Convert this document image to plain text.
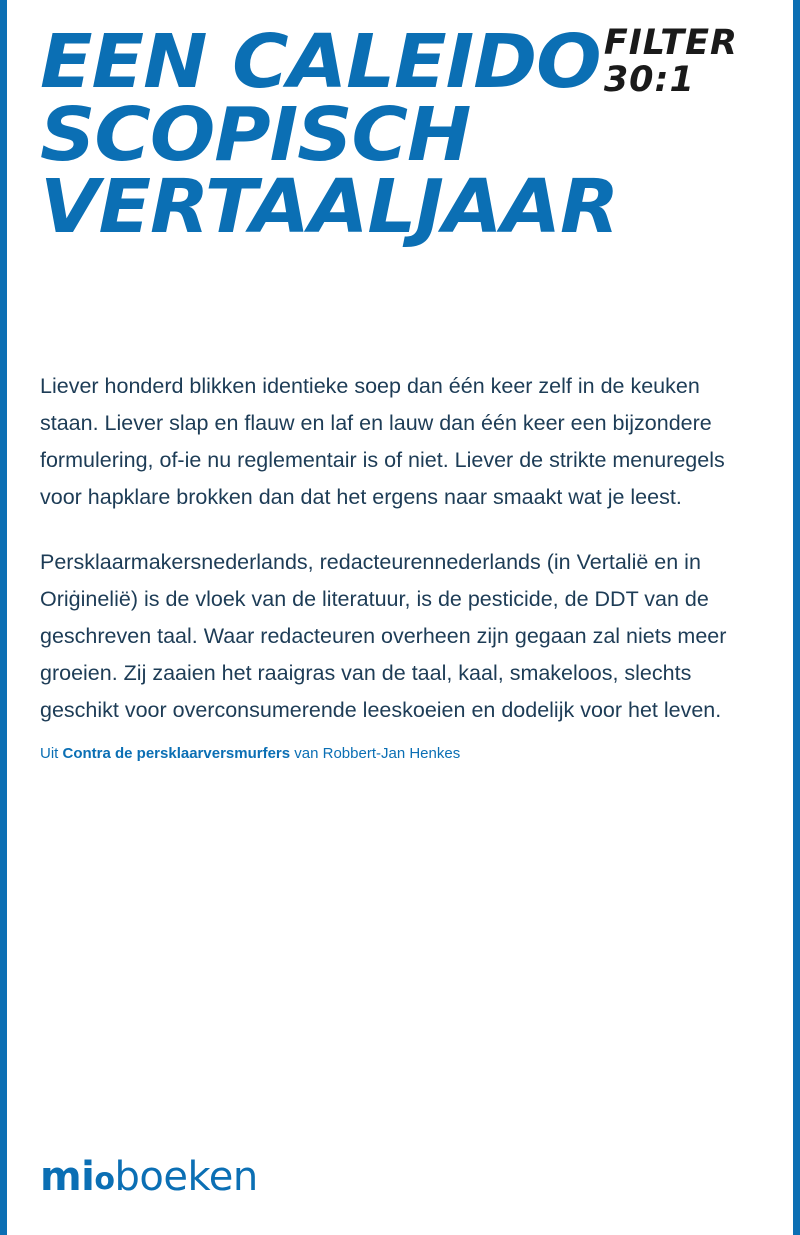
EEN CALEIDO
SCOPISCH
VERTAALJAAR
FILTER
30:1

Liever honderd blikken identieke soep dan één keer zelf in de keuken staan. Liever slap en flauw en laf en lauw dan één keer een bijzondere formulering, of-ie nu reglementair is of niet. Liever de strikte menuregels voor hapklare brokken dan dat het ergens naar smaakt wat je leest.

Persklaarmakersnederlands, redacteurennederlands (in Vertalië en in Oriġinelië) is de vloek van de literatuur, is de pesticide, de DDT van de geschreven taal. Waar redacteuren overheen zijn gegaan zal niets meer groeien. Zij zaaien het raaigras van de taal, kaal, smakeloos, slechts geschikt voor overconsumerende leeskoeien en dodelijk voor het leven.

Uit Contra de persklaarversmurfers van Robbert-Jan Henkes
mioboeken
